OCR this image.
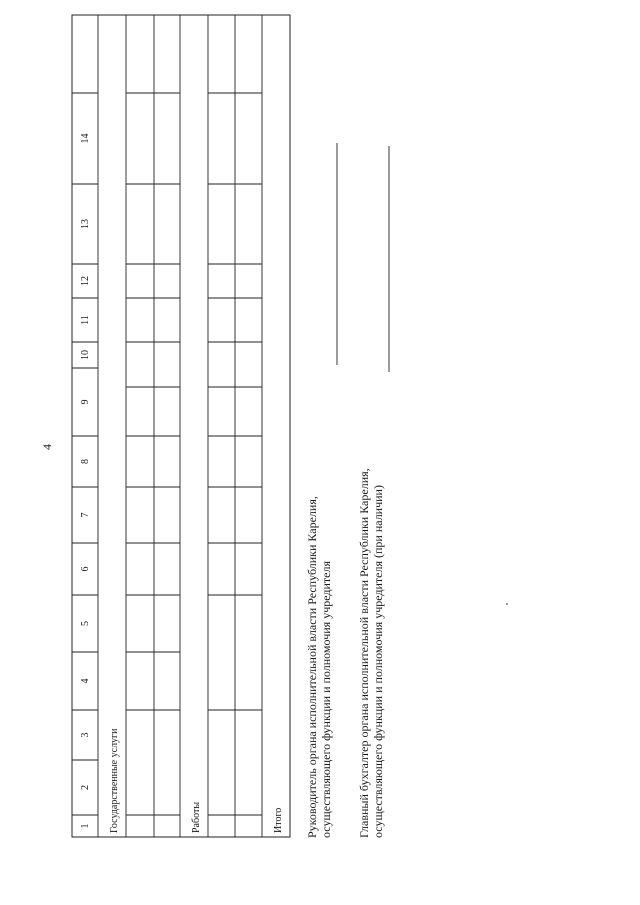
4
1
2
3
4
5
6
7
8
9
10
11
12
13
14
Государственные услуги	Работы	Итого Руководитель органа исполнительной власти Республики Карелия, осуществляющего функции и полномочия учредителя Главный бухгалтер органа исполнительной власти Республики Карелия, осуществляющего функции и полномочия учредителя (при наличии)
